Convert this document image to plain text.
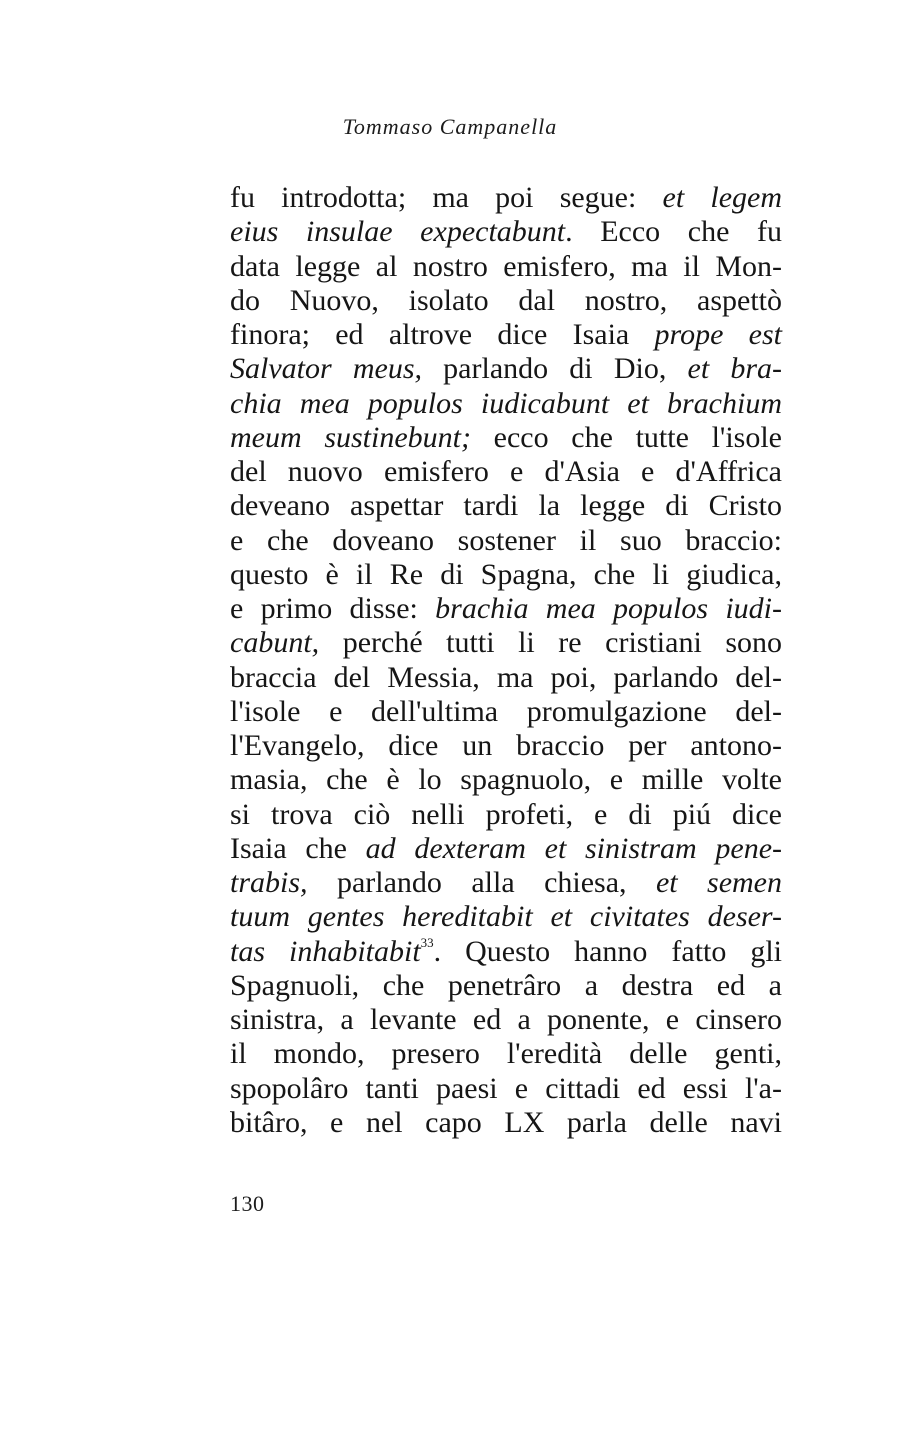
Tommaso Campanella
fu introdotta; ma poi segue: et legem
eius insulae expectabunt. Ecco che fu
data legge al nostro emisfero, ma il Mon-
do Nuovo, isolato dal nostro, aspettò
finora; ed altrove dice Isaia prope est
Salvator meus, parlando di Dio, et bra-
chia mea populos iudicabunt et brachium
meum sustinebunt; ecco che tutte l'isole
del nuovo emisfero e d'Asia e d'Affrica
deveano aspettar tardi la legge di Cristo
e che doveano sostener il suo braccio:
questo è il Re di Spagna, che li giudica,
e primo disse: brachia mea populos iudi-
cabunt, perché tutti li re cristiani sono
braccia del Messia, ma poi, parlando del-
l'isole e dell'ultima promulgazione del-
l'Evangelo, dice un braccio per antono-
masia, che è lo spagnuolo, e mille volte
si trova ciò nelli profeti, e di piú dice
Isaia che ad dexteram et sinistram pene-
trabis, parlando alla chiesa, et semen
tuum gentes hereditabit et civitates deser-
tas inhabitabit$^{33}$. Questo hanno fatto gli
Spagnuoli, che penetrâro a destra ed a
sinistra, a levante ed a ponente, e cinsero
il mondo, presero l'eredità delle genti,
spopolâro tanti paesi e cittadi ed essi l'a-
bitâro, e nel capo LX parla delle navi
130
